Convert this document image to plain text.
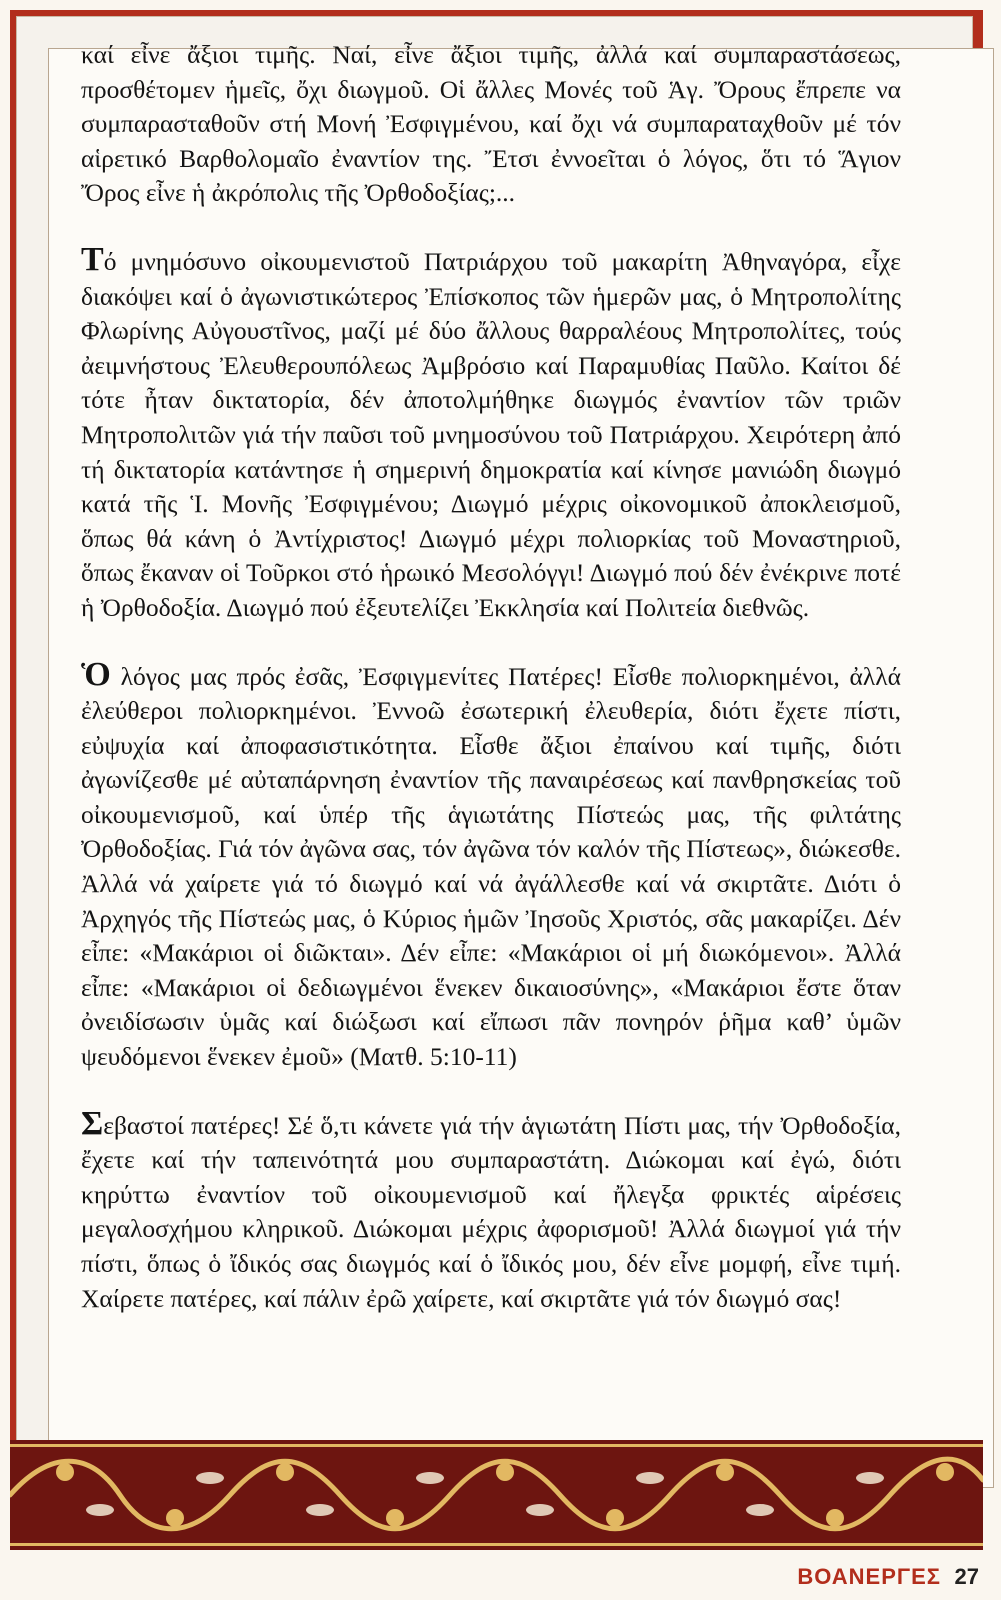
καί εἶνε ἄξιοι τιμῆς. Ναί, εἶνε ἄξιοι τιμῆς, ἀλλά καί συμπαραστάσεως, προσθέτομεν ἡμεῖς, ὄχι διωγμοῦ. Οἱ ἄλλες Μονές τοῦ Ἁγ. Ὄρους ἔπρεπε να συμπαρασταθοῦν στή Μονή Ἐσφιγμένου, καί ὄχι νά συμπαραταχθοῦν μέ τόν αἱρετικό Βαρθολομαῖο ἐναντίον της. Ἔτσι ἐννοεῖται ὁ λόγος, ὅτι τό Ἅγιον Ὄρος εἶνε ἡ ἀκρόπολις τῆς Ὀρθοδοξίας;...

Τό μνημόσυνο οἰκουμενιστοῦ Πατριάρχου τοῦ μακαρίτη Ἀθηναγόρα, εἶχε διακόψει καί ὁ ἀγωνιστικώτερος Ἐπίσκοπος τῶν ἡμερῶν μας, ὁ Μητροπολίτης Φλωρίνης Αὐγουστῖνος, μαζί μέ δύο ἄλλους θαρραλέους Μητροπολίτες, τούς ἀειμνήστους Ἐλευθερουπόλεως Ἀμβρόσιο καί Παραμυθίας Παῦλο. Καίτοι δέ τότε ἦταν δικτατορία, δέν ἀποτολμήθηκε διωγμός ἐναντίον τῶν τριῶν Μητροπολιτῶν γιά τήν παῦσι τοῦ μνημοσύνου τοῦ Πατριάρχου. Χειρότερη ἀπό τή δικτατορία κατάντησε ἡ σημερινή δημοκρατία καί κίνησε μανιώδη διωγμό κατά τῆς Ἱ. Μονῆς Ἐσφιγμένου; Διωγμό μέχρις οἰκονομικοῦ ἀποκλεισμοῦ, ὅπως θά κάνη ὁ Ἀντίχριστος! Διωγμό μέχρι πολιορκίας τοῦ Μοναστηριοῦ, ὅπως ἔκαναν οἱ Τοῦρκοι στό ἡρωικό Μεσολόγγι! Διωγμό πού δέν ἐνέκρινε ποτέ ἡ Ὀρθοδοξία. Διωγμό πού ἐξευτελίζει Ἐκκλησία καί Πολιτεία διεθνῶς.

Ὁ λόγος μας πρός ἐσᾶς, Ἐσφιγμενίτες Πατέρες! Εἶσθε πολιορκημένοι, ἀλλά ἐλεύθεροι πολιορκημένοι. Ἐννοῶ ἐσωτερική ἐλευθερία, διότι ἔχετε πίστι, εὐψυχία καί ἀποφασιστικότητα. Εἶσθε ἄξιοι ἐπαίνου καί τιμῆς, διότι ἀγωνίζεσθε μέ αὐταπάρνηση ἐναντίον τῆς παναιρέσεως καί πανθρησκείας τοῦ οἰκουμενισμοῦ, καί ὑπέρ τῆς ἁγιωτάτης Πίστεώς μας, τῆς φιλτάτης Ὀρθοδοξίας. Γιά τόν ἀγῶνα σας, τόν ἀγῶνα τόν καλόν τῆς Πίστεως», διώκεσθε. Ἀλλά νά χαίρετε γιά τό διωγμό καί νά ἀγάλλεσθε καί νά σκιρτᾶτε. Διότι ὁ Ἀρχηγός τῆς Πίστεώς μας, ὁ Κύριος ἡμῶν Ἰησοῦς Χριστός, σᾶς μακαρίζει. Δέν εἶπε: «Μακάριοι οἱ διῶκται». Δέν εἶπε: «Μακάριοι οἱ μή διωκόμενοι». Ἀλλά εἶπε: «Μακάριοι οἱ δεδιωγμένοι ἕνεκεν δικαιοσύνης», «Μακάριοι ἔστε ὅταν ὀνειδίσωσιν ὑμᾶς καί διώξωσι καί εἴπωσι πᾶν πονηρόν ῥῆμα καθ’ ὑμῶν ψευδόμενοι ἕνεκεν ἐμοῦ» (Ματθ. 5:10-11)

Σεβαστοί πατέρες! Σέ ὅ,τι κάνετε γιά τήν ἁγιωτάτη Πίστι μας, τήν Ὀρθοδοξία, ἔχετε καί τήν ταπεινότητά μου συμπαραστάτη. Διώκομαι καί ἐγώ, διότι κηρύττω ἐναντίον τοῦ οἰκουμενισμοῦ καί ἤλεγξα φρικτές αἱρέσεις μεγαλοσχήμου κληρικοῦ. Διώκομαι μέχρις ἀφορισμοῦ! Ἀλλά διωγμοί γιά τήν πίστι, ὅπως ὁ ἴδικός σας διωγμός καί ὁ ἴδικός μου, δέν εἶνε μομφή, εἶνε τιμή. Χαίρετε πατέρες, καί πάλιν ἐρῶ χαίρετε, καί σκιρτᾶτε γιά τόν διωγμό σας!

ΒΟΑΝΕΡΓΕΣ 27
